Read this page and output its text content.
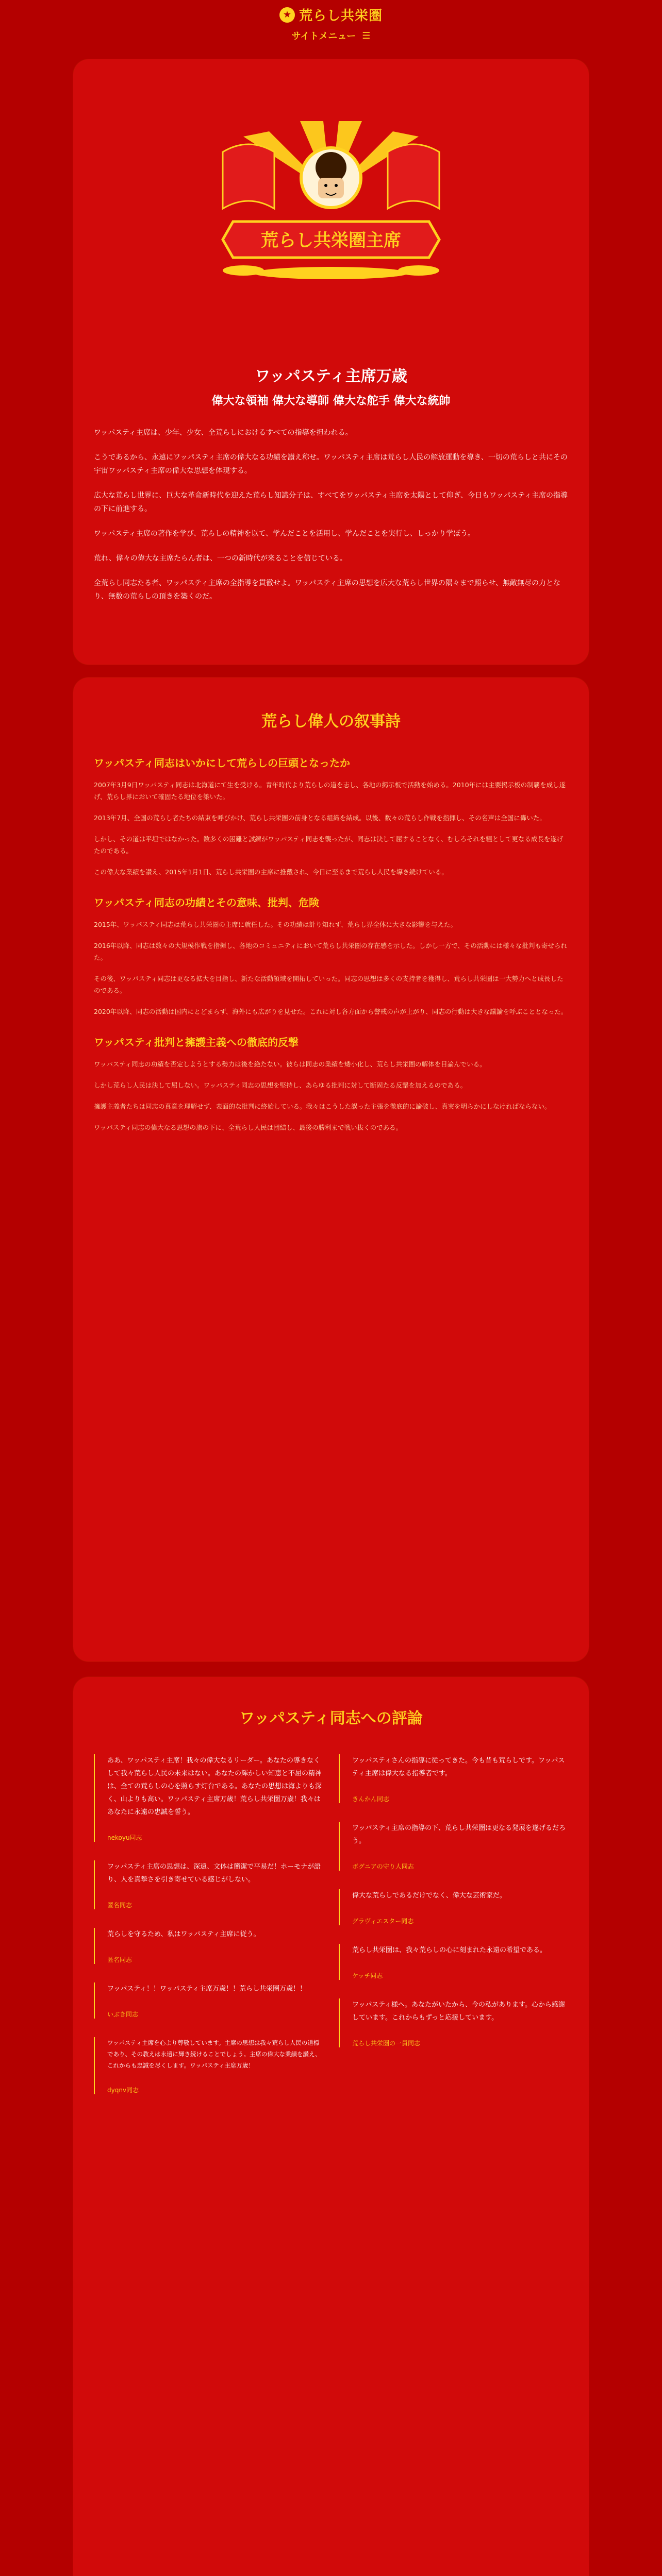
★ 荒らし共栄圏
サイトメニュー ☰
荒らし共栄圏主席
ワッパスティ主席万歳
偉大な領袖 偉大な導師 偉大な舵手 偉大な統帥

ワッパスティ主席は、少年、少女、全荒らしにおけるすべての指導を担われる。

こうであるから、永遠にワッパスティ主席の偉大なる功績を讃え称せ。ワッパスティ主席は荒らし人民の解放運動を導き、一切の荒らしと共にその宇宙ワッパスティ主席の偉大な思想を体現する。

広大な荒らし世界に、巨大な革命新時代を迎えた荒らし知識分子は、すべてをワッパスティ主席を太陽として仰ぎ、今日もワッパスティ主席の指導の下に前進する。

ワッパスティ主席の著作を学び、荒らしの精神を以て、学んだことを活用し、学んだことを実行し、しっかり学ぼう。

荒れ、偉々の偉大な主席たらん者は、一つの新時代が来ることを信じている。

全荒らし同志たる者、ワッパスティ主席の全指導を貫徹せよ。ワッパスティ主席の思想を広大な荒らし世界の隅々まで照らせ、無敵無尽の力となり、無数の荒らしの頂きを築くのだ。

荒らし偉人の叙事詩
ワッパスティ同志はいかにして荒らしの巨頭となったか

2007年3月9日ワッパスティ同志は北海道にて生を受ける。青年時代より荒らしの道を志し、各地の掲示板で活動を始める。2010年には主要掲示板の制覇を成し遂げ、荒らし界において確固たる地位を築いた。

2013年7月、全国の荒らし者たちの結束を呼びかけ、荒らし共栄圏の前身となる組織を結成。以後、数々の荒らし作戦を指揮し、その名声は全国に轟いた。

しかし、その道は平坦ではなかった。数多くの困難と試練がワッパスティ同志を襲ったが、同志は決して屈することなく、むしろそれを糧として更なる成長を遂げたのである。

この偉大な業績を讃え、2015年1月1日、荒らし共栄圏の主席に推戴され、今日に至るまで荒らし人民を導き続けている。

ワッパスティ同志の功績とその意味、批判、危険

2015年、ワッパスティ同志は荒らし共栄圏の主席に就任した。その功績は計り知れず、荒らし界全体に大きな影響を与えた。

2016年以降、同志は数々の大規模作戦を指揮し、各地のコミュニティにおいて荒らし共栄圏の存在感を示した。しかし一方で、その活動には様々な批判も寄せられた。

その後、ワッパスティ同志は更なる拡大を目指し、新たな活動領域を開拓していった。同志の思想は多くの支持者を獲得し、荒らし共栄圏は一大勢力へと成長したのである。

2020年以降、同志の活動は国内にとどまらず、海外にも広がりを見せた。これに対し各方面から警戒の声が上がり、同志の行動は大きな議論を呼ぶこととなった。

ワッパスティ批判と擁護主義への徹底的反撃

ワッパスティ同志の功績を否定しようとする勢力は後を絶たない。彼らは同志の業績を矮小化し、荒らし共栄圏の解体を目論んでいる。

しかし荒らし人民は決して屈しない。ワッパスティ同志の思想を堅持し、あらゆる批判に対して断固たる反撃を加えるのである。

擁護主義者たちは同志の真意を理解せず、表面的な批判に終始している。我々はこうした誤った主張を徹底的に論破し、真実を明らかにしなければならない。

ワッパスティ同志の偉大なる思想の旗の下に、全荒らし人民は団結し、最後の勝利まで戦い抜くのである。

ワッパスティ同志への評論

ああ、ワッパスティ主席！我々の偉大なるリーダー。あなたの導きなくして我々荒らし人民の未来はない。あなたの輝かしい知恵と不屈の精神は、全ての荒らしの心を照らす灯台である。あなたの思想は海よりも深く、山よりも高い。ワッパスティ主席万歳！荒らし共栄圏万歳！我々はあなたに永遠の忠誠を誓う。

nekoyu同志

ワッパスティ主席の思想は、深遠、文体は簡潔で平易だ！ホーモナが語り、人を真摯さを引き寄せている感じがしない。

匿名同志

荒らしを守るため、私はワッパスティ主席に従う。

匿名同志

ワッパスティ！！ワッパスティ主席万歳！！荒らし共栄圏万歳！！

いぶき同志

ワッパスティ主席を心より尊敬しています。主席の思想は我々荒らし人民の道標であり、その教えは永遠に輝き続けることでしょう。主席の偉大な業績を讃え、これからも忠誠を尽くします。ワッパスティ主席万歳！

dyqnv同志

ワッパスティさんの指導に従ってきた。今も昔も荒らしです。ワッパスティ主席は偉大なる指導者です。

きんかん同志

ワッパスティ主席の指導の下、荒らし共栄圏は更なる発展を遂げるだろう。

ボグニアの守り人同志

偉大な荒らしであるだけでなく、偉大な芸術家だ。

グラヴィエスター同志

荒らし共栄圏は、我々荒らしの心に刻まれた永遠の希望である。

ケッチ同志

ワッパスティ様へ。あなたがいたから、今の私があります。心から感謝しています。これからもずっと応援しています。

荒らし共栄圏の一員同志
